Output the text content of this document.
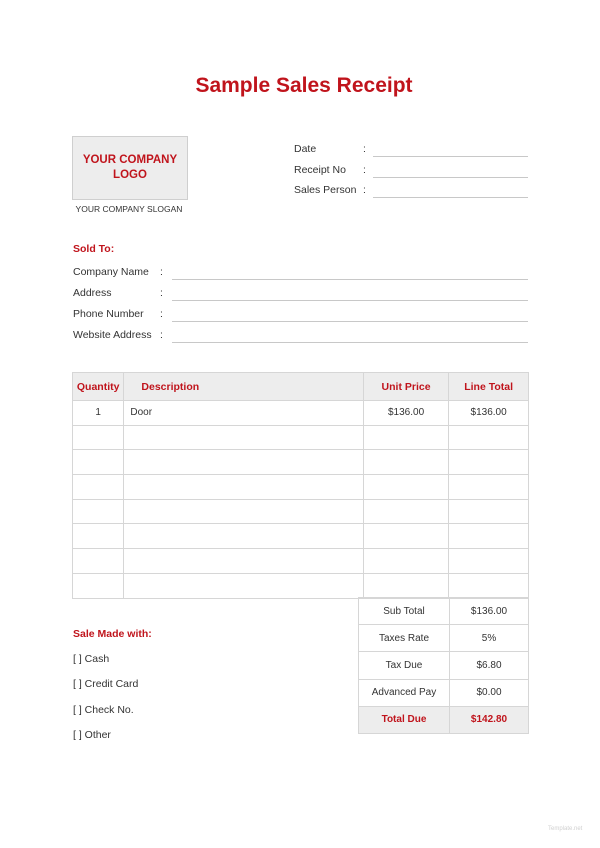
Sample Sales Receipt
YOUR COMPANY
LOGO
YOUR COMPANY SLOGAN
Date	:
Receipt No :
Sales Person :
Sold To:
Company Name :
Address	:
Phone Number :
Website Address :
Quantity	Description	Unit Price	Line Total
1	Door	$136.00	$136.00

Sub Total	$136.00
Taxes Rate	5%
Tax Due	$6.80
Advanced Pay	$0.00
Total Due	$142.80
Sale Made with:
[ ] Cash
[ ] Credit Card
[ ] Check No.
[ ] Other
Template.net
